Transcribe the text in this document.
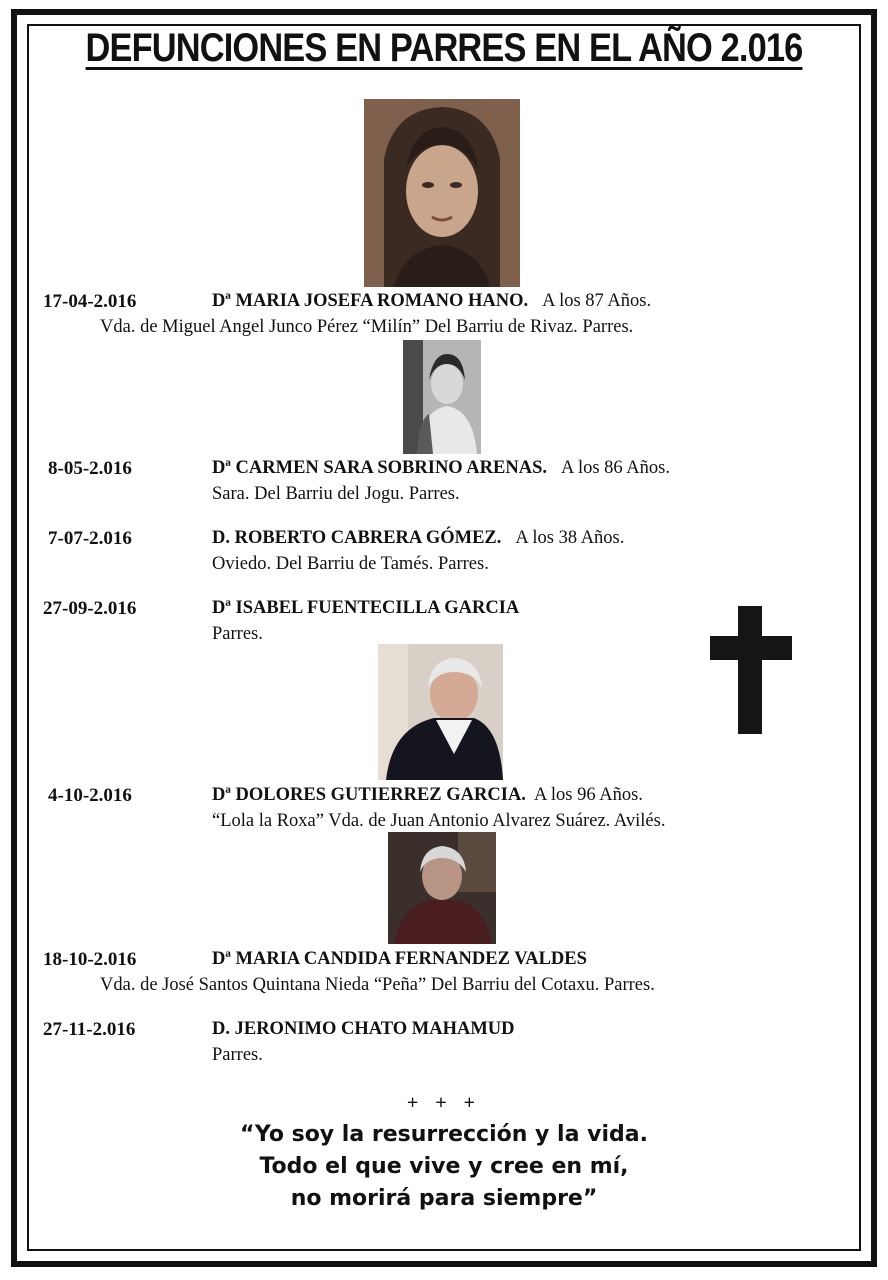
DEFUNCIONES EN PARRES EN EL AÑO 2.016
17-04-2.016	Dª MARIA JOSEFA ROMANO HANO. A los 87 Años.
Vda. de Miguel Angel Junco Pérez “Milín” Del Barriu de Rivaz. Parres.
8-05-2.016	Dª CARMEN SARA SOBRINO ARENAS. A los 86 Años.
Sara. Del Barriu del Jogu. Parres.
7-07-2.016	D. ROBERTO CABRERA GÓMEZ. A los 38 Años.
Oviedo. Del Barriu de Tamés. Parres.
27-09-2.016	Dª ISABEL FUENTECILLA GARCIA
Parres.
4-10-2.016	Dª DOLORES GUTIERREZ GARCIA. A los 96 Años.
“Lola la Roxa” Vda. de Juan Antonio Alvarez Suárez. Avilés.
18-10-2.016	Dª MARIA CANDIDA FERNANDEZ VALDES
Vda. de José Santos Quintana Nieda “Peña” Del Barriu del Cotaxu. Parres.
27-11-2.016	D. JERONIMO CHATO MAHAMUD
Parres.
+ + +
“Yo soy la resurrección y la vida.
Todo el que vive y cree en mí,
no morirá para siempre”
